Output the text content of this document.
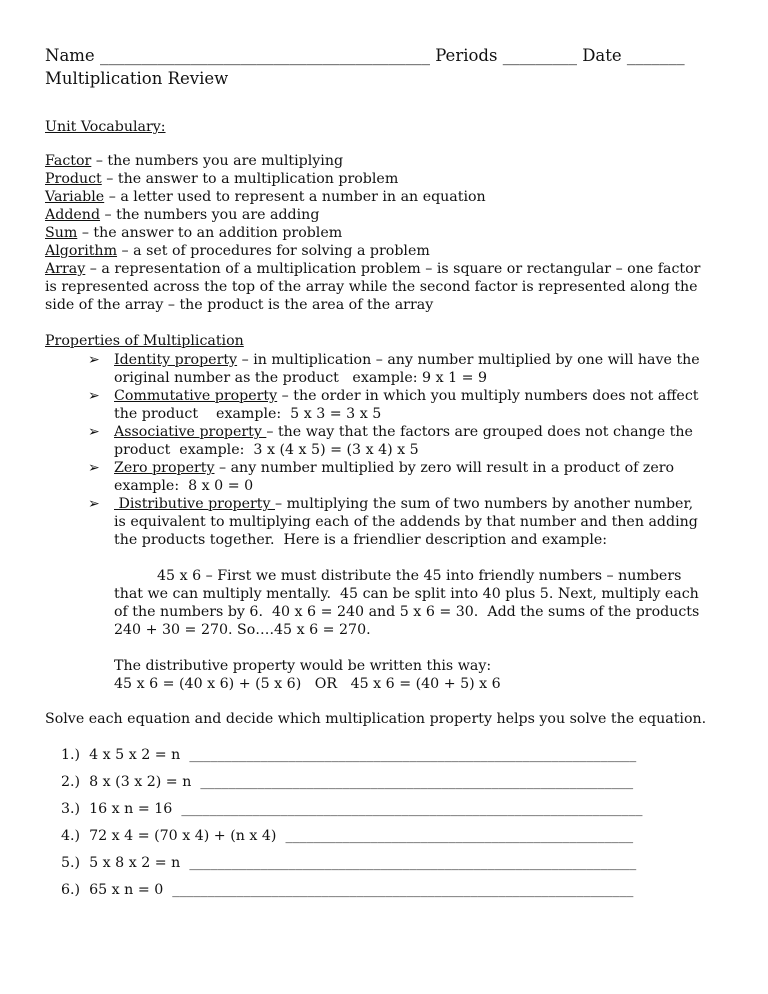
Name ________________________________________ Periods _________ Date _______
Multiplication Review
Unit Vocabulary:
Factor – the numbers you are multiplying
Product – the answer to a multiplication problem
Variable – a letter used to represent a number in an equation
Addend – the numbers you are adding
Sum – the answer to an addition problem
Algorithm – a set of procedures for solving a problem
Array – a representation of a multiplication problem – is square or rectangular – one factor
is represented across the top of the array while the second factor is represented along the
side of the array – the product is the area of the array
Properties of Multiplication
➢ Identity property – in multiplication – any number multiplied by one will have the
original number as the product   example: 9 x 1 = 9
➢ Commutative property – the order in which you multiply numbers does not affect
the product    example:  5 x 3 = 3 x 5
➢ Associative property – the way that the factors are grouped does not change the
product  example:  3 x (4 x 5) = (3 x 4) x 5
➢ Zero property – any number multiplied by zero will result in a product of zero
example:  8 x 0 = 0
➢ Distributive property – multiplying the sum of two numbers by another number,
is equivalent to multiplying each of the addends by that number and then adding
the products together.  Here is a friendlier description and example:
45 x 6 – First we must distribute the 45 into friendly numbers – numbers
that we can multiply mentally.  45 can be split into 40 plus 5. Next, multiply each
of the numbers by 6.  40 x 6 = 240 and 5 x 6 = 30.  Add the sums of the products
240 + 30 = 270. So….45 x 6 = 270.
The distributive property would be written this way:
45 x 6 = (40 x 6) + (5 x 6)   OR   45 x 6 = (40 + 5) x 6
Solve each equation and decide which multiplication property helps you solve the equation.
1.) 4 x 5 x 2 = n _______________________________________________________________
2.) 8 x (3 x 2) = n _____________________________________________________________
3.) 16 x n = 16 _________________________________________________________________
4.) 72 x 4 = (70 x 4) + (n x 4) _________________________________________________
5.) 5 x 8 x 2 = n _______________________________________________________________
6.) 65 x n = 0 _________________________________________________________________
